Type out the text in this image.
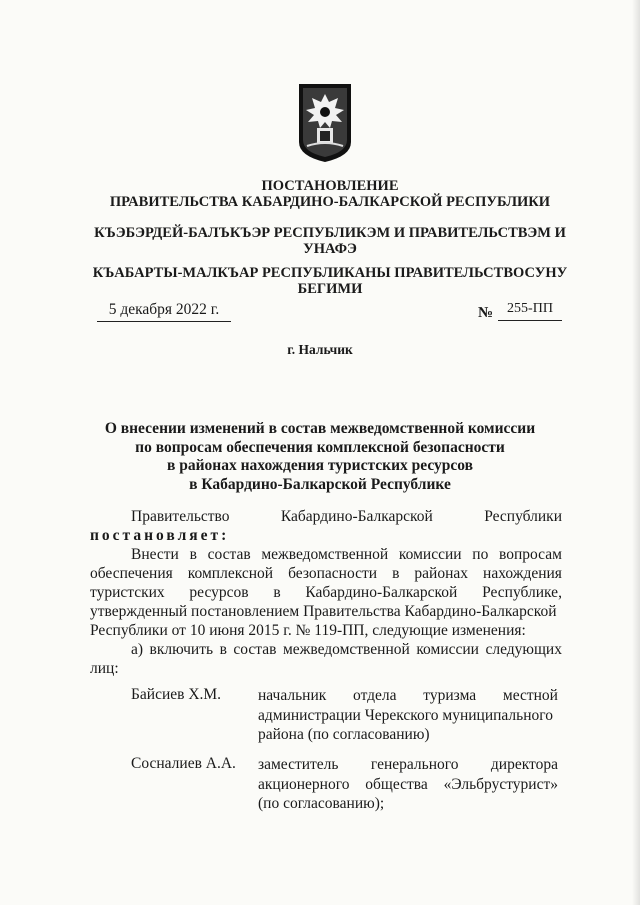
ПОСТАНОВЛЕНИЕ
ПРАВИТЕЛЬСТВА КАБАРДИНО-БАЛКАРСКОЙ РЕСПУБЛИКИ
КЪЭБЭРДЕЙ-БАЛЪКЪЭР РЕСПУБЛИКЭМ И ПРАВИТЕЛЬСТВЭМ И
УНАФЭ
КЪАБАРТЫ-МАЛКЪАР РЕСПУБЛИКАНЫ ПРАВИТЕЛЬСТВОСУНУ
БЕГИМИ
5 декабря 2022 г.	№ 255-ПП
г. Нальчик
О внесении изменений в состав межведомственной комиссии
по вопросам обеспечения комплексной безопасности
в районах нахождения туристских ресурсов
в Кабардино-Балкарской Республике
Правительство	Кабардино-Балкарской	Республики
постановляет:
Внести в состав межведомственной комиссии по вопросам
обеспечения комплексной безопасности в районах нахождения
туристских ресурсов в Кабардино-Балкарской Республике,
утвержденный постановлением Правительства Кабардино-Балкарской
Республики от 10 июня 2015 г. № 119-ПП, следующие изменения:
а) включить в состав межведомственной комиссии следующих
лиц:
Байсиев Х.М. начальник отдела туризма местной
администрации Черекского муниципального
района (по согласованию)
Сосналиев А.А. заместитель генерального директора
акционерного общества «Эльбрустурист»
(по согласованию);
